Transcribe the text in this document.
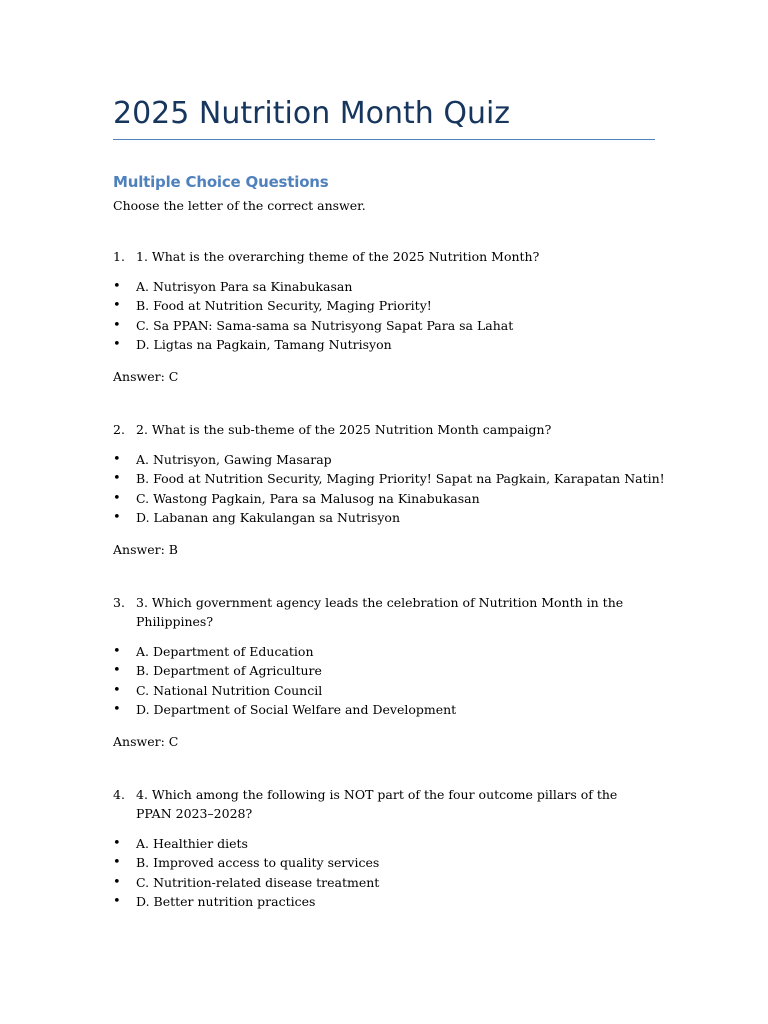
2025 Nutrition Month Quiz
Multiple Choice Questions
Choose the letter of the correct answer.
1. 1. What is the overarching theme of the 2025 Nutrition Month?
• A. Nutrisyon Para sa Kinabukasan
• B. Food at Nutrition Security, Maging Priority!
• C. Sa PPAN: Sama-sama sa Nutrisyong Sapat Para sa Lahat
• D. Ligtas na Pagkain, Tamang Nutrisyon
Answer: C
2. 2. What is the sub-theme of the 2025 Nutrition Month campaign?
• A. Nutrisyon, Gawing Masarap
• B. Food at Nutrition Security, Maging Priority! Sapat na Pagkain, Karapatan Natin!
• C. Wastong Pagkain, Para sa Malusog na Kinabukasan
• D. Labanan ang Kakulangan sa Nutrisyon
Answer: B
3. 3. Which government agency leads the celebration of Nutrition Month in the Philippines?
• A. Department of Education
• B. Department of Agriculture
• C. National Nutrition Council
• D. Department of Social Welfare and Development
Answer: C
4. 4. Which among the following is NOT part of the four outcome pillars of the PPAN 2023–2028?
• A. Healthier diets
• B. Improved access to quality services
• C. Nutrition-related disease treatment
• D. Better nutrition practices
